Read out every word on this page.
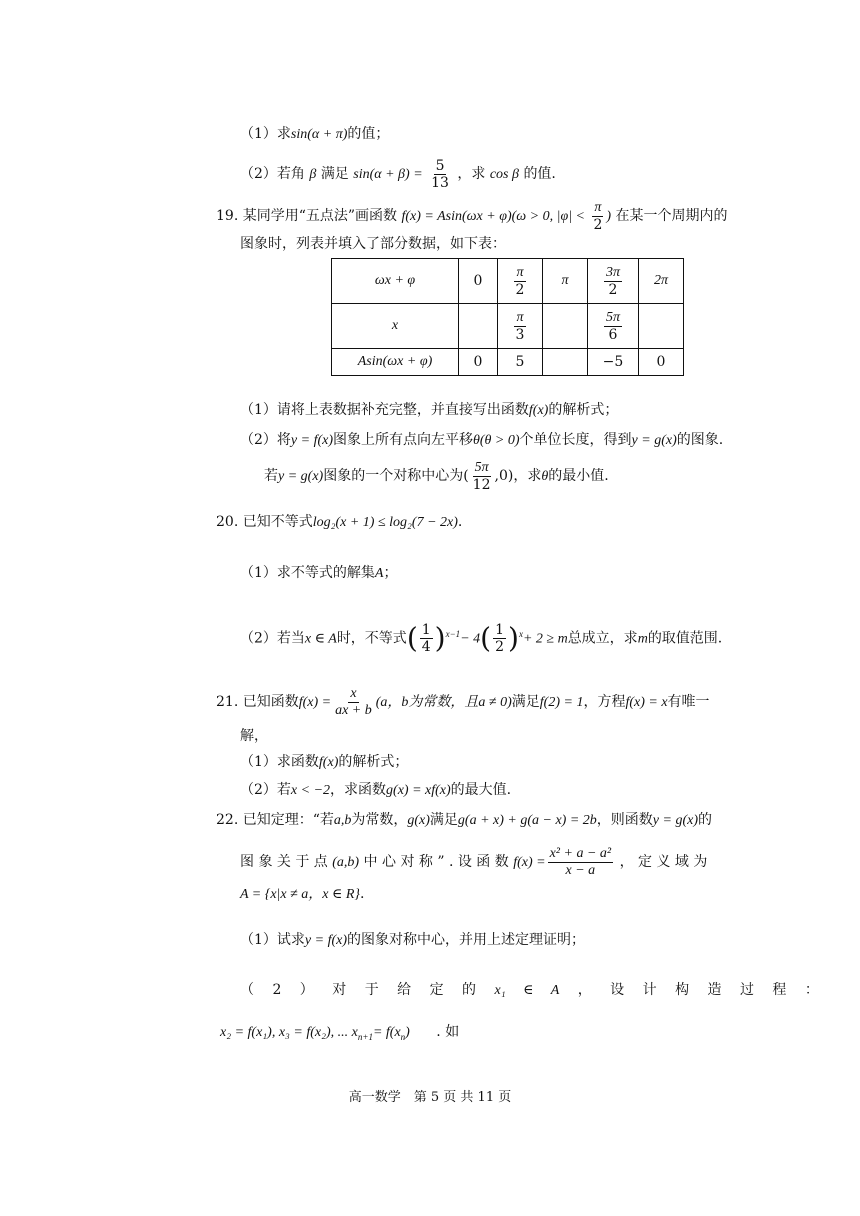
（1）求sin(α + π)的值；
（2）若角 β 满足 $\sin(\alpha + \beta) = \frac{5}{13}$ ，求 cos β 的值.
19. 某同学用“五点法”画函数 f(x) = Asin(ωx + φ)(ω > 0, $|\varphi| < \frac{\pi}{2}$ ) 在某一个周期内的
图象时，列表并填入了部分数据，如下表：
ωx + φ	0	$\frac{\pi}{2}$	π	$\frac{3\pi}{2}$	2π
x		$\frac{\pi}{3}$		$\frac{5\pi}{6}$

Asin(ωx + φ)	0	5		−5	0
（1）请将上表数据补充完整，并直接写出函数f(x)的解析式；
（2）将y = f(x)图象上所有点向左平移θ(θ > 0)个单位长度，得到y = g(x)的图象.
若y = g(x)图象的一个对称中心为( $\frac{5\pi}{12} ,0$)，求θ的最小值.
20. 已知不等式log₂(x + 1) ≤ log₂(7 − 2x).
（1）求不等式的解集A；
（2）若当x ∈ A时，不等式( $\frac{1}{4} )^{x-1}- 4( \frac{1}{2} )^x+ 2 \ge m$总成立，求m的取值范围.
21. 已知函数$f(x) = \frac{x}{ax + b} (a$，b为常数，且a ≠ 0)满足f(2) = 1，方程f(x) = x有唯一
解，
（1）求函数f(x)的解析式；
（2）若x < −2，求函数g(x) = xf(x)的最大值.
22. 已知定理：“若a,b为常数，g(x)满足g(a + x) + g(a − x) = 2b，则函数y = g(x)的
图 象 关 于 点 (a,b) 中 心 对 称 ” . 设 函 数 $f(x) = \frac{\text{x² + a − a²}}{x - a}$ ， 定 义 域 为
A = {x|x ≠ a，x ∈ R}.
（1）试求y = f(x)的图象对称中心，并用上述定理证明；
（ 2 ） 对 于 给 定 的 x₁ ∈ A ， 设 计 构 造 过 程 ：
x₂ = f(x₁), x₃ = f(x₂), ... $x_{n+1}= f(x_n)$ . 如
高一数学　第 5 页 共 11 页
